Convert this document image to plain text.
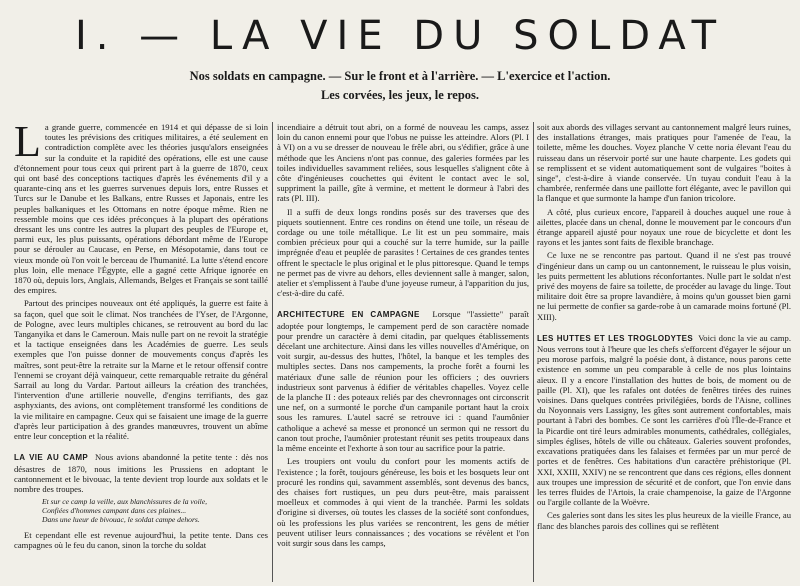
I. — LA VIE DU SOLDAT
Nos soldats en campagne. — Sur le front et à l'arrière. — L'exercice et l'action.
Les corvées, les jeux, le repos.

La grande guerre, commencée en 1914 et qui dépasse de si loin toutes les prévisions des critiques militaires, a été seulement en contradiction complète avec les théories jusqu'alors enseignées sur la conduite et la rapidité des opérations, elle est une cause d'étonnement pour tous ceux qui prirent part à la guerre de 1870, ceux qui ont basé des conceptions tactiques d'après les événements d'il y a quarante-cinq ans et les guerres survenues depuis lors, entre Russes et Turcs sur le Danube et les Balkans, entre Russes et Japonais, entre les peuples balkaniques et les Ottomans en notre époque même. Rien ne ressemble moins que ces idées préconçues à la plupart des opérations dressant les uns contre les autres la plupart des peuples de l'Europe et, parmi eux, les plus puissants, opérations débordant même de l'Europe pour se dérouler au Caucase, en Perse, en Mésopotamie, dans tout ce vieux monde où l'on voit le berceau de l'humanité. La lutte s'étend encore plus loin, elle menace l'Égypte, elle a gagné cette Afrique ignorée en 1870 où, depuis lors, Anglais, Allemands, Belges et Français se sont taillé des empires.

Partout des principes nouveaux ont été appliqués, la guerre est faite à sa façon, quel que soit le climat. Nos tranchées de l'Yser, de l'Argonne, de Pologne, avec leurs multiples chicanes, se retrouvent au bord du lac Tanganyika et dans le Cameroun. Mais nulle part on ne revoit la stratégie et la tactique enseignées dans les Académies de guerre. Les seuls exemples que l'on puisse donner de mouvements conçus d'après les maîtres, sont peut-être la retraite sur la Marne et le retour offensif contre l'ennemi se croyant déjà vainqueur, cette remarquable retraite du général Sarrail au long du Vardar. Partout ailleurs la création des tranchées, l'intervention d'une artillerie nouvelle, d'engins terrifiants, des gaz asphyxiants, des avions, ont complètement transformé les conditions de la vie militaire en campagne. Ceux qui se faisaient une image de la guerre d'après leur participation à des grandes manœuvres, trouvent un abîme entre leur conception et la réalité.

LA VIE AU CAMP Nous avions abandonné la petite tente : dès nos désastres de 1870, nous imitions les Prussiens en adoptant le cantonnement et le bivouac, la tente devient trop lourde aux soldats et le nombre des troupes.

Et sur ce camp la veille, aux blanchissures de la voile,
Confiées d'hommes campant dans ces plaines...
Dans une lueur de bivouac, le soldat campe dehors.

Et cependant elle est revenue aujourd'hui, la petite tente. Dans ces campagnes où le feu du canon, sinon la torche du soldat

incendiaire a détruit tout abri, on a formé de nouveau les camps, assez loin du canon ennemi pour que l'obus ne puisse les atteindre. Alors (Pl. I à VI) on a vu se dresser de nouveau le frêle abri, ou s'édifier, grâce à une méthode que les Anciens n'ont pas connue, des galeries formées par les toiles individuelles savamment reliées, sous lesquelles s'alignent côte à côte d'ingénieuses couchettes qui évitent le contact avec le sol, suppriment la paille, gîte à vermine, et mettent le dormeur à l'abri des rats (Pl. III).

Il a suffi de deux longs rondins posés sur des traverses que des piquets soutiennent. Entre ces rondins on étend une toile, un réseau de cordage ou une toile métallique. Le lit est un peu sommaire, mais combien précieux pour qui a couché sur la terre humide, sur la paille imprégnée d'eau et peuplée de parasites ! Certaines de ces grandes tentes offrent le spectacle le plus original et le plus pittoresque. Quand le temps ne permet pas de vivre au dehors, elles deviennent salle à manger, salon, atelier et s'emplissent à l'aube d'une joyeuse rumeur, à l'apparition du jus, c'est-à-dire du café.

ARCHITECTURE EN CAMPAGNE Lorsque "l'assiette" paraît adoptée pour longtemps, le campement perd de son caractère nomade pour prendre un caractère à demi citadin, par quelques établissements décelant une architecture. Ainsi dans les villes nouvelles d'Amérique, on voit surgir, au-dessus des huttes, l'hôtel, la banque et les temples des multiples sectes. Dans nos campements, la proche forêt a fourni les matériaux d'une salle de réunion pour les officiers ; des ouvriers industrieux sont parvenus à édifier de véritables chapelles. Voyez celle de la planche II : des poteaux reliés par des chevronnages ont circonscrit une nef, on a surmonté le porche d'un campanile portant haut la croix sous les ramures. L'autel sacré se retrouve ici : quand l'aumônier catholique a achevé sa messe et prononcé un sermon qui ne ressort du canon tout proche, l'aumônier protestant réunit ses petits troupeaux dans la même enceinte et l'exhorte à son tour au sacrifice pour la patrie.

Les troupiers ont voulu du confort pour les moments actifs de l'existence ; la forêt, toujours généreuse, les bois et les bosquets leur ont procuré les rondins qui, savamment assemblés, sont devenus des bancs, des chaises fort rustiques, un peu durs peut-être, mais paraissent moelleux et commodes à qui vient de la tranchée. Parmi les soldats d'origine si diverses, où toutes les classes de la société sont confondues, où les professions les plus variées se rencontrent, les gens de métier peuvent utiliser leurs connaissances ; des vocations se révèlent et l'on voit surgir sous dans les camps,

soit aux abords des villages servant au cantonnement malgré leurs ruines, des installations étranges, mais pratiques pour l'amenée de l'eau, la toilette, même les douches. Voyez planche V cette noria élevant l'eau du ruisseau dans un réservoir porté sur une haute charpente. Les godets qui se remplissent et se vident automatiquement sont de vulgaires "boites à singe", c'est-à-dire à viande conservée. Un tuyau conduit l'eau à la chambrée, renfermée dans une paillotte fort élégante, avec le pavillon qui la flanque et que surmonte la hampe d'un fanion tricolore.

A côté, plus curieux encore, l'appareil à douches auquel une roue à ailettes, placée dans un chenal, donne le mouvement par le concours d'un étrange appareil ajusté pour noyaux une roue de bicyclette et dont les rayons et les jantes sont faits de flexible branchage.

Ce luxe ne se rencontre pas partout. Quand il ne s'est pas trouvé d'ingénieur dans un camp ou un cantonnement, le ruisseau le plus voisin, les puits permettent les ablutions réconfortantes. Nulle part le soldat n'est privé des moyens de faire sa toilette, de procéder au lavage du linge. Tout militaire doit être sa propre lavandière, à moins qu'un gousset bien garni ne lui permette de confier sa garde-robe à un camarade moins fortuné (Pl. XIII).

LES HUTTES ET LES TROGLODYTES Voici donc la vie au camp. Nous verrons tout à l'heure que les chefs s'efforcent d'égayer le séjour un peu morose parfois, malgré la poésie dont, à distance, nous parons cette existence en somme un peu comparable à celle de nos plus lointains aïeux. Il y a encore l'installation des huttes de bois, de moment ou de paille (Pl. XI), que les rafales ont dotées de fenêtres tirées des ruines voisines. Dans quelques contrées privilégiées, bords de l'Aisne, collines du Noyonnais vers Lassigny, les gîtes sont autrement confortables, mais pourtant à l'abri des bombes. Ce sont les carrières d'où l'Île-de-France et la Picardie ont tiré leurs admirables monuments, cathédrales, collégiales, simples églises, hôtels de ville ou châteaux. Galeries souvent profondes, excavations pratiquées dans les falaises et fermées par un mur percé de portes et de fenêtres. Ces habitations d'un caractère préhistorique (Pl. XXI, XXIII, XXIV) ne se rencontrent que dans ces régions, elles donnent aux troupes une impression de sécurité et de confort, que l'on envie dans les terres fluides de l'Artois, la craie champenoise, la gaize de l'Argonne ou l'argile collante de la Woëvre.

Ces galeries sont dans les sites les plus heureux de la vieille France, au flanc des blanches parois des collines qui se reflètent
